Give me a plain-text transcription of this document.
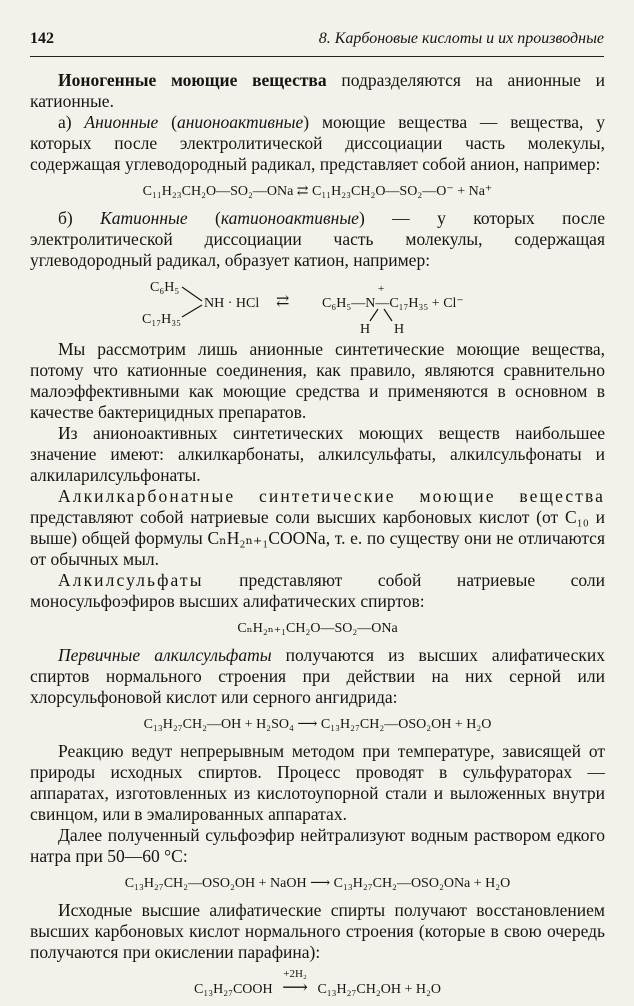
142	8. Карбоновые кислоты и их производные

Ионогенные моющие вещества подразделяются на анионные и катионные.

а) Анионные (анионоактивные) моющие вещества — вещества, у которых после электролитической диссоциации часть молекулы, содержащая углеводородный радикал, представляет собой анион, например:

C₁₁H₂₃CH₂O—SO₂—ONa ⇄ C₁₁H₂₃CH₂O—SO₂—O⁻ + Na⁺

б) Катионные (катионоактивные) — у которых после электролитической диссоциации часть молекулы, содержащая углеводородный радикал, образует катион, например:

C₆H₅
C₁₇H₃₅
NH · HCl ⇄
+
C₆H₅—N—C₁₇H₃₅ + Cl⁻
H H

Мы рассмотрим лишь анионные синтетические моющие вещества, потому что катионные соединения, как правило, являются сравнительно малоэффективными как моющие средства и применяются в основном в качестве бактерицидных препаратов.

Из анионоактивных синтетических моющих веществ наибольшее значение имеют: алкилкарбонаты, алкилсульфаты, алкилсульфонаты и алкиларилсульфонаты.

Алкилкарбонатные синтетические моющие вещества представляют собой натриевые соли высших карбоновых кислот (от C₁₀ и выше) общей формулы CₙH₂ₙ₊₁COONa, т. е. по существу они не отличаются от обычных мыл.

Алкилсульфаты представляют собой натриевые соли моносульфоэфиров высших алифатических спиртов:

CₙH₂ₙ₊₁CH₂O—SO₂—ONa

Первичные алкилсульфаты получаются из высших алифатических спиртов нормального строения при действии на них серной или хлорсульфоновой кислот или серного ангидрида:

C₁₃H₂₇CH₂—OH + H₂SO₄ ⟶ C₁₃H₂₇CH₂—OSO₂OH + H₂O

Реакцию ведут непрерывным методом при температуре, зависящей от природы исходных спиртов. Процесс проводят в сульфураторах — аппаратах, изготовленных из кислотоупорной стали и выложенных внутри свинцом, или в эмалированных аппаратах.

Далее полученный сульфоэфир нейтрализуют водным раствором едкого натра при 50—60 °C:

C₁₃H₂₇CH₂—OSO₂OH + NaOH ⟶ C₁₃H₂₇CH₂—OSO₂ONa + H₂O

Исходные высшие алифатические спирты получают восстановлением высших карбоновых кислот нормального строения (которые в свою очередь получаются при окислении парафина):

C₁₃H₂₇COOH
+2H₂
⟶ C₁₃H₂₇CH₂OH + H₂O
